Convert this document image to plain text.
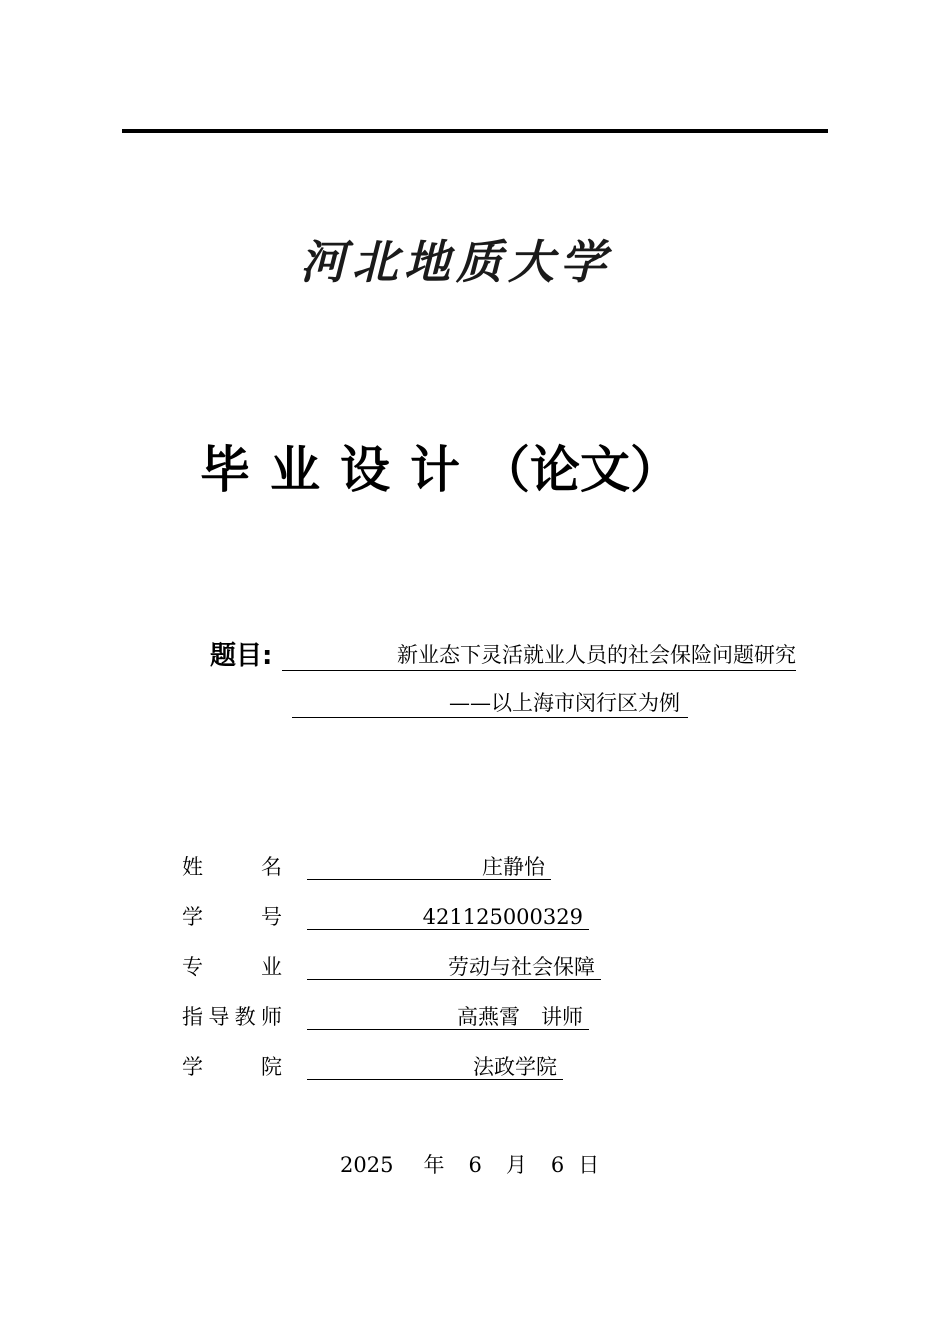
河北地质大学
毕 业 设 计 （论文）
题目:	新业态下灵活就业人员的社会保险问题研究
——以上海市闵行区为例
姓名	庄静怡
学号	421125000329
专业	劳动与社会保障
指导教师	高燕霄　讲师
学院	法政学院
2025 年 6 月 6 日
